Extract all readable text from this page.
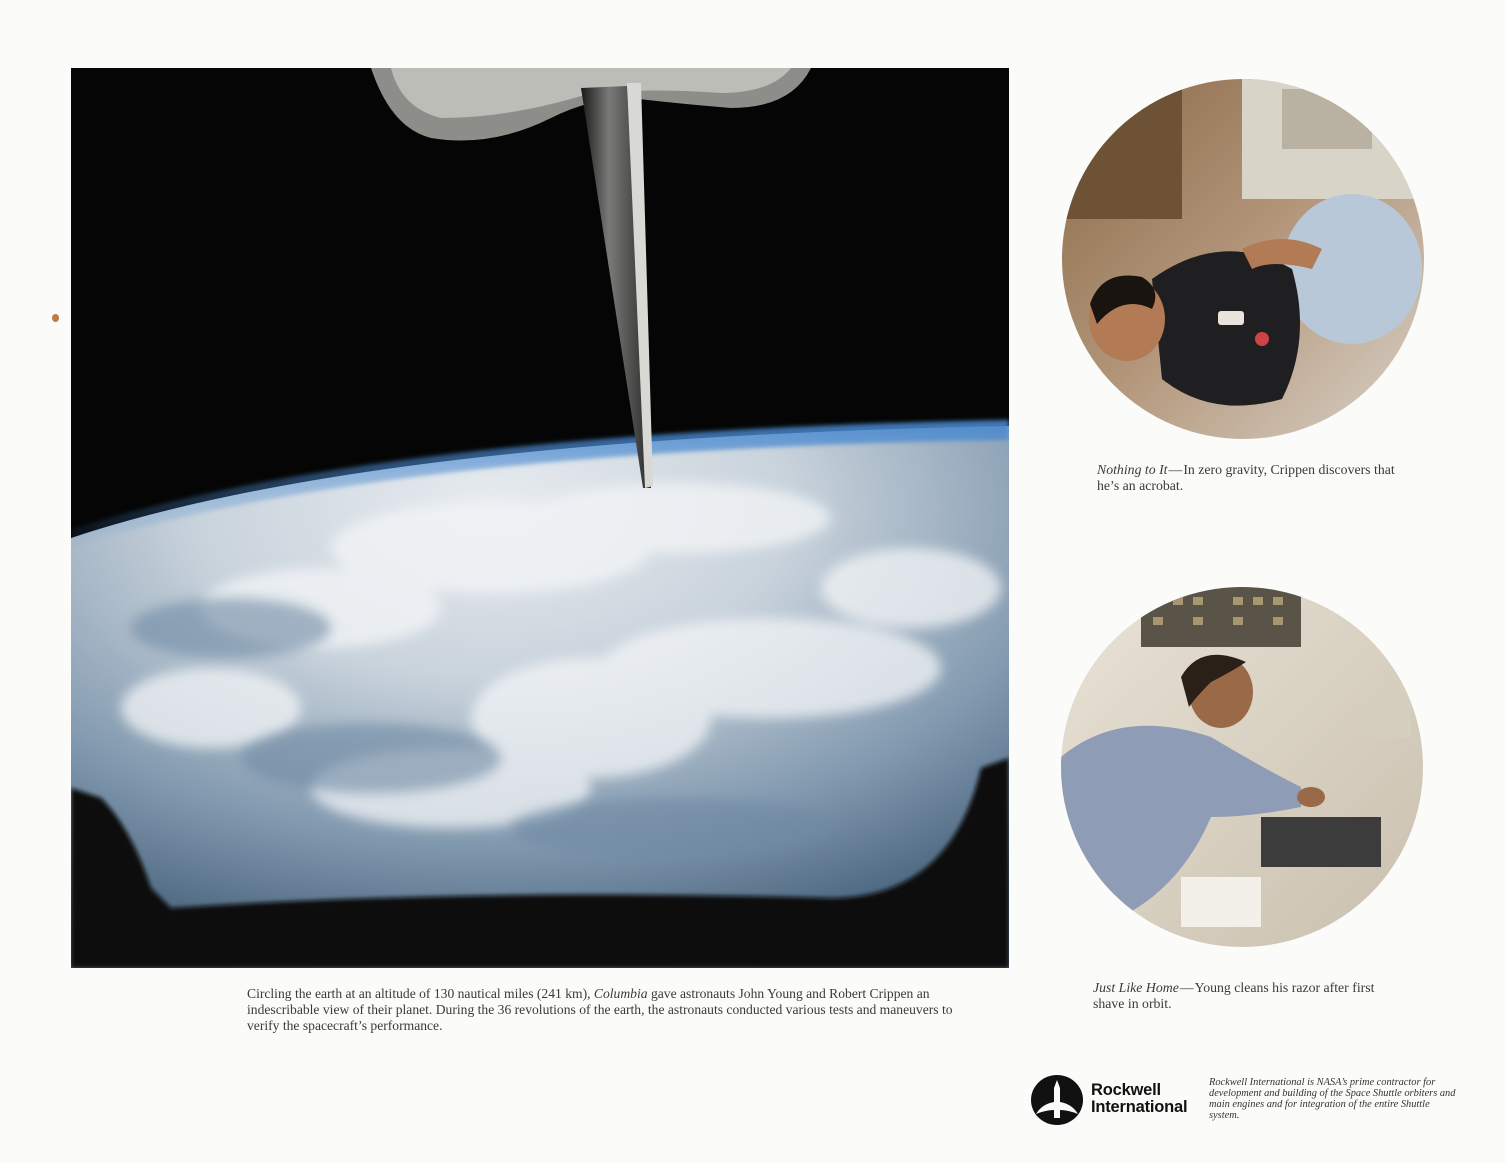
Nothing to It—In zero gravity, Crippen discovers that he’s an acrobat.
Just Like Home—Young cleans his razor after first shave in orbit.
Circling the earth at an altitude of 130 nautical miles (241 km), Columbia gave astronauts John Young and Robert Crippen an indescribable view of their planet. During the 36 revolutions of the earth, the astronauts conducted various tests and maneuvers to verify the spacecraft’s performance.
Rockwell
International
Rockwell International is NASA’s prime contractor for development and building of the Space Shuttle orbiters and main engines and for integration of the entire Shuttle system.
